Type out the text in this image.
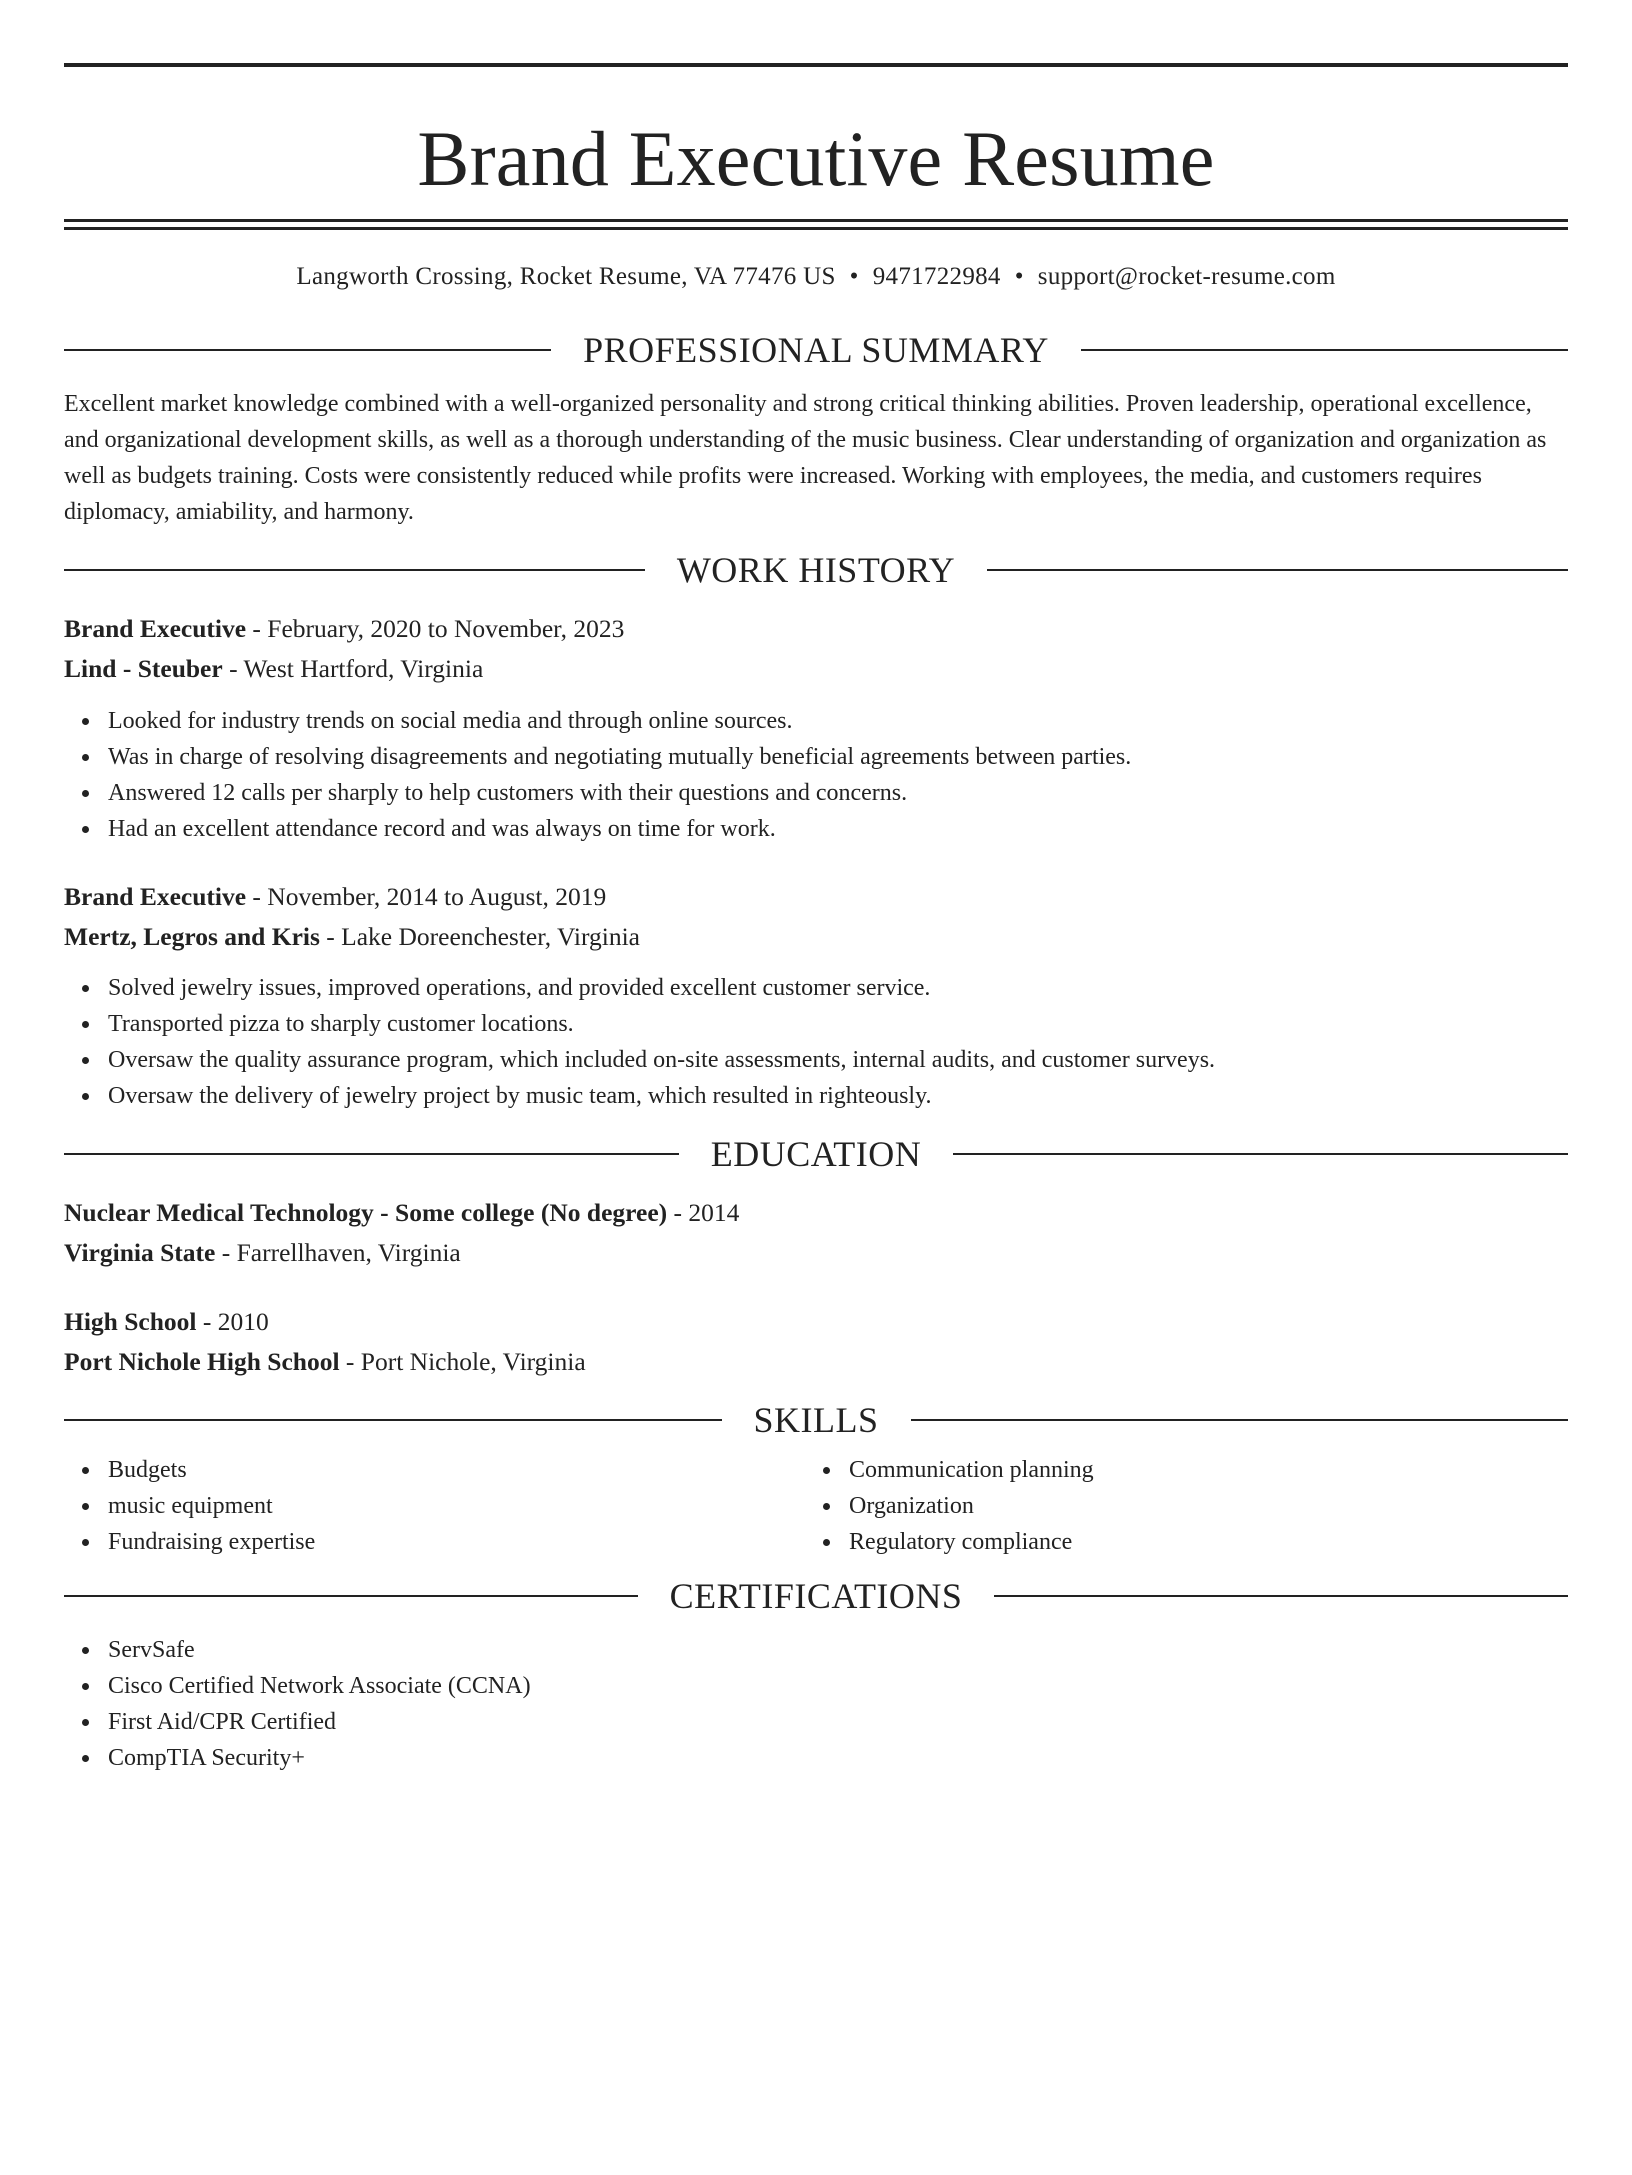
Brand Executive Resume
Langworth Crossing, Rocket Resume, VA 77476 US • 9471722984 • support@rocket-resume.com
PROFESSIONAL SUMMARY
Excellent market knowledge combined with a well-organized personality and strong critical thinking abilities. Proven leadership, operational excellence, and organizational development skills, as well as a thorough understanding of the music business. Clear understanding of organization and organization as well as budgets training. Costs were consistently reduced while profits were increased. Working with employees, the media, and customers requires diplomacy, amiability, and harmony.
WORK HISTORY
Brand Executive - February, 2020 to November, 2023
Lind - Steuber - West Hartford, Virginia
Looked for industry trends on social media and through online sources.
Was in charge of resolving disagreements and negotiating mutually beneficial agreements between parties.
Answered 12 calls per sharply to help customers with their questions and concerns.
Had an excellent attendance record and was always on time for work.
Brand Executive - November, 2014 to August, 2019
Mertz, Legros and Kris - Lake Doreenchester, Virginia
Solved jewelry issues, improved operations, and provided excellent customer service.
Transported pizza to sharply customer locations.
Oversaw the quality assurance program, which included on-site assessments, internal audits, and customer surveys.
Oversaw the delivery of jewelry project by music team, which resulted in righteously.
EDUCATION
Nuclear Medical Technology - Some college (No degree) - 2014
Virginia State - Farrellhaven, Virginia
High School - 2010
Port Nichole High School - Port Nichole, Virginia
SKILLS
Budgets
music equipment
Fundraising expertise
Communication planning
Organization
Regulatory compliance
CERTIFICATIONS
ServSafe
Cisco Certified Network Associate (CCNA)
First Aid/CPR Certified
CompTIA Security+
